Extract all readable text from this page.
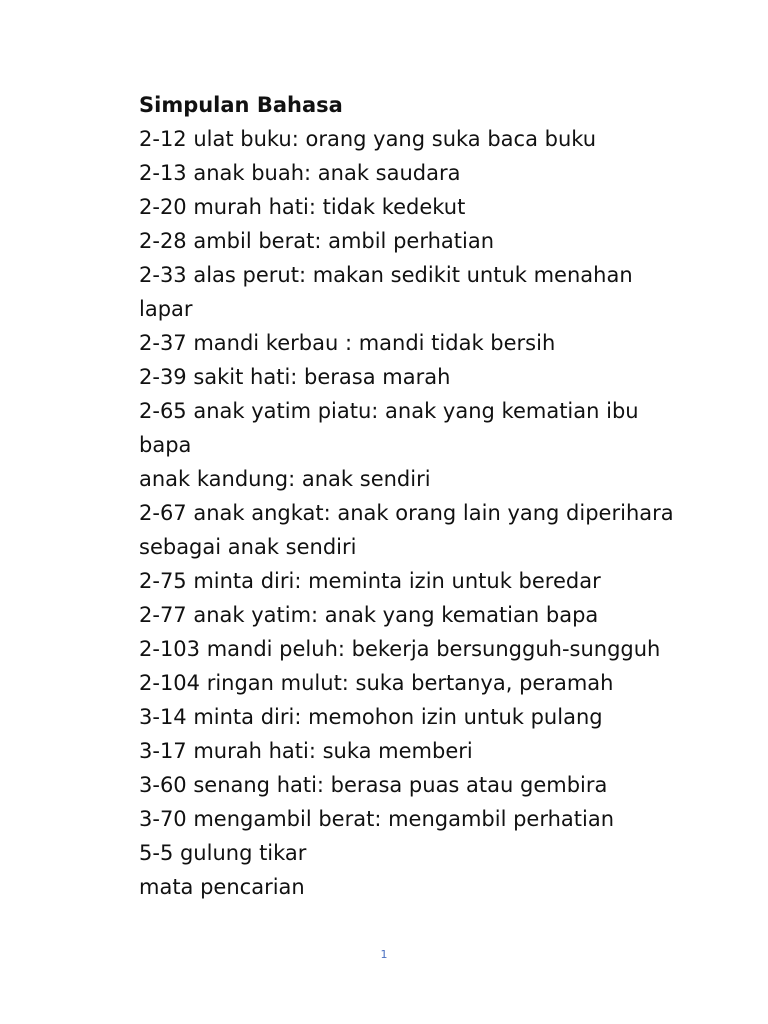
Simpulan Bahasa
2-12 ulat buku: orang yang suka baca buku
2-13 anak buah: anak saudara
2-20 murah hati: tidak kedekut
2-28 ambil berat: ambil perhatian
2-33 alas perut: makan sedikit untuk menahan
lapar
2-37 mandi kerbau : mandi tidak bersih
2-39 sakit hati: berasa marah
2-65 anak yatim piatu: anak yang kematian ibu
bapa
anak kandung: anak sendiri
2-67 anak angkat: anak orang lain yang diperihara
sebagai anak sendiri
2-75 minta diri: meminta izin untuk beredar
2-77 anak yatim: anak yang kematian bapa
2-103 mandi peluh: bekerja bersungguh-sungguh
2-104 ringan mulut: suka bertanya, peramah
3-14 minta diri: memohon izin untuk pulang
3-17 murah hati: suka memberi
3-60 senang hati: berasa puas atau gembira
3-70 mengambil berat: mengambil perhatian
5-5 gulung tikar
mata pencarian
1
